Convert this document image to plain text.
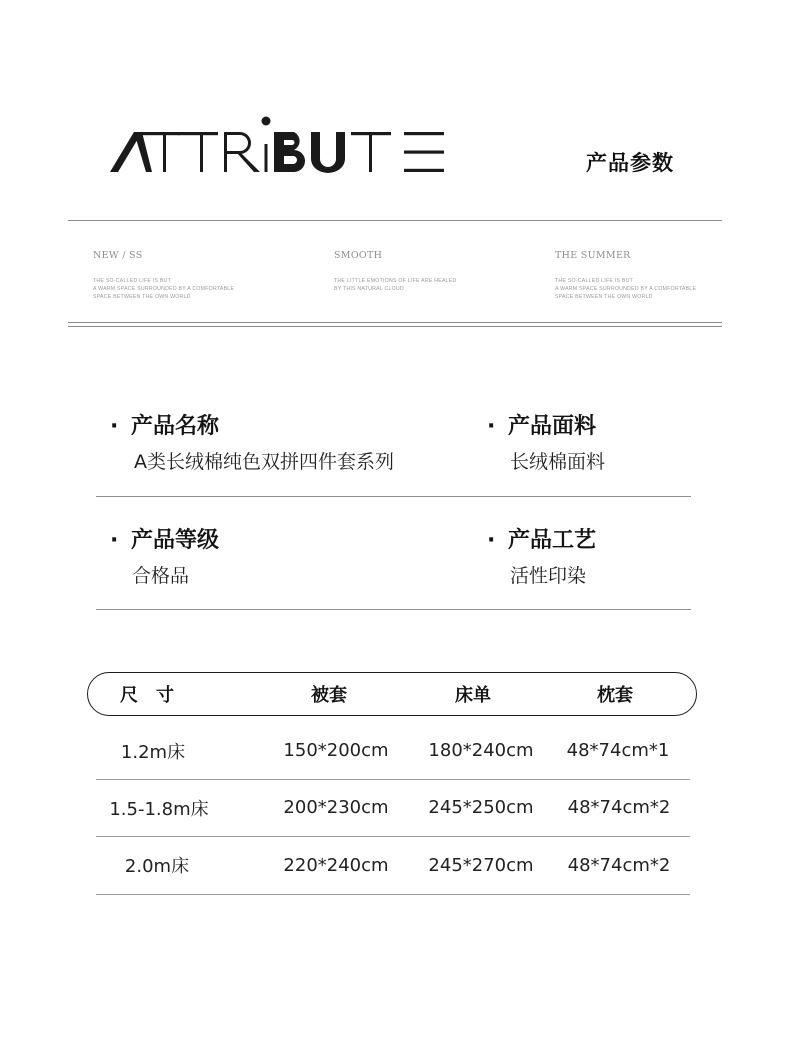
产品参数
NEW / SS
THE SO-CALLED LIFE IS BUT
A WARM SPACE SURROUNDED BY A COMFORTABLE
SPACE BETWEEN THE OWN WORLD
SMOOTH
THE LITTLE EMOTIONS OF LIFE ARE HEALED
BY THIS NATURAL CLOUD
THE SUMMER
THE SO-CALLED LIFE IS BUT
A WARM SPACE SURROUNDED BY A COMFORTABLE
SPACE BETWEEN THE OWN WORLD
· 产品名称
A类长绒棉纯色双拼四件套系列
· 产品面料
长绒棉面料
· 产品等级
合格品
· 产品工艺
活性印染
尺　寸	被套	床单	枕套
1.2m床	150*200cm 180*240cm 48*74cm*1
1.5-1.8m床	200*230cm 245*250cm 48*74cm*2
2.0m床	220*240cm 245*270cm 48*74cm*2
